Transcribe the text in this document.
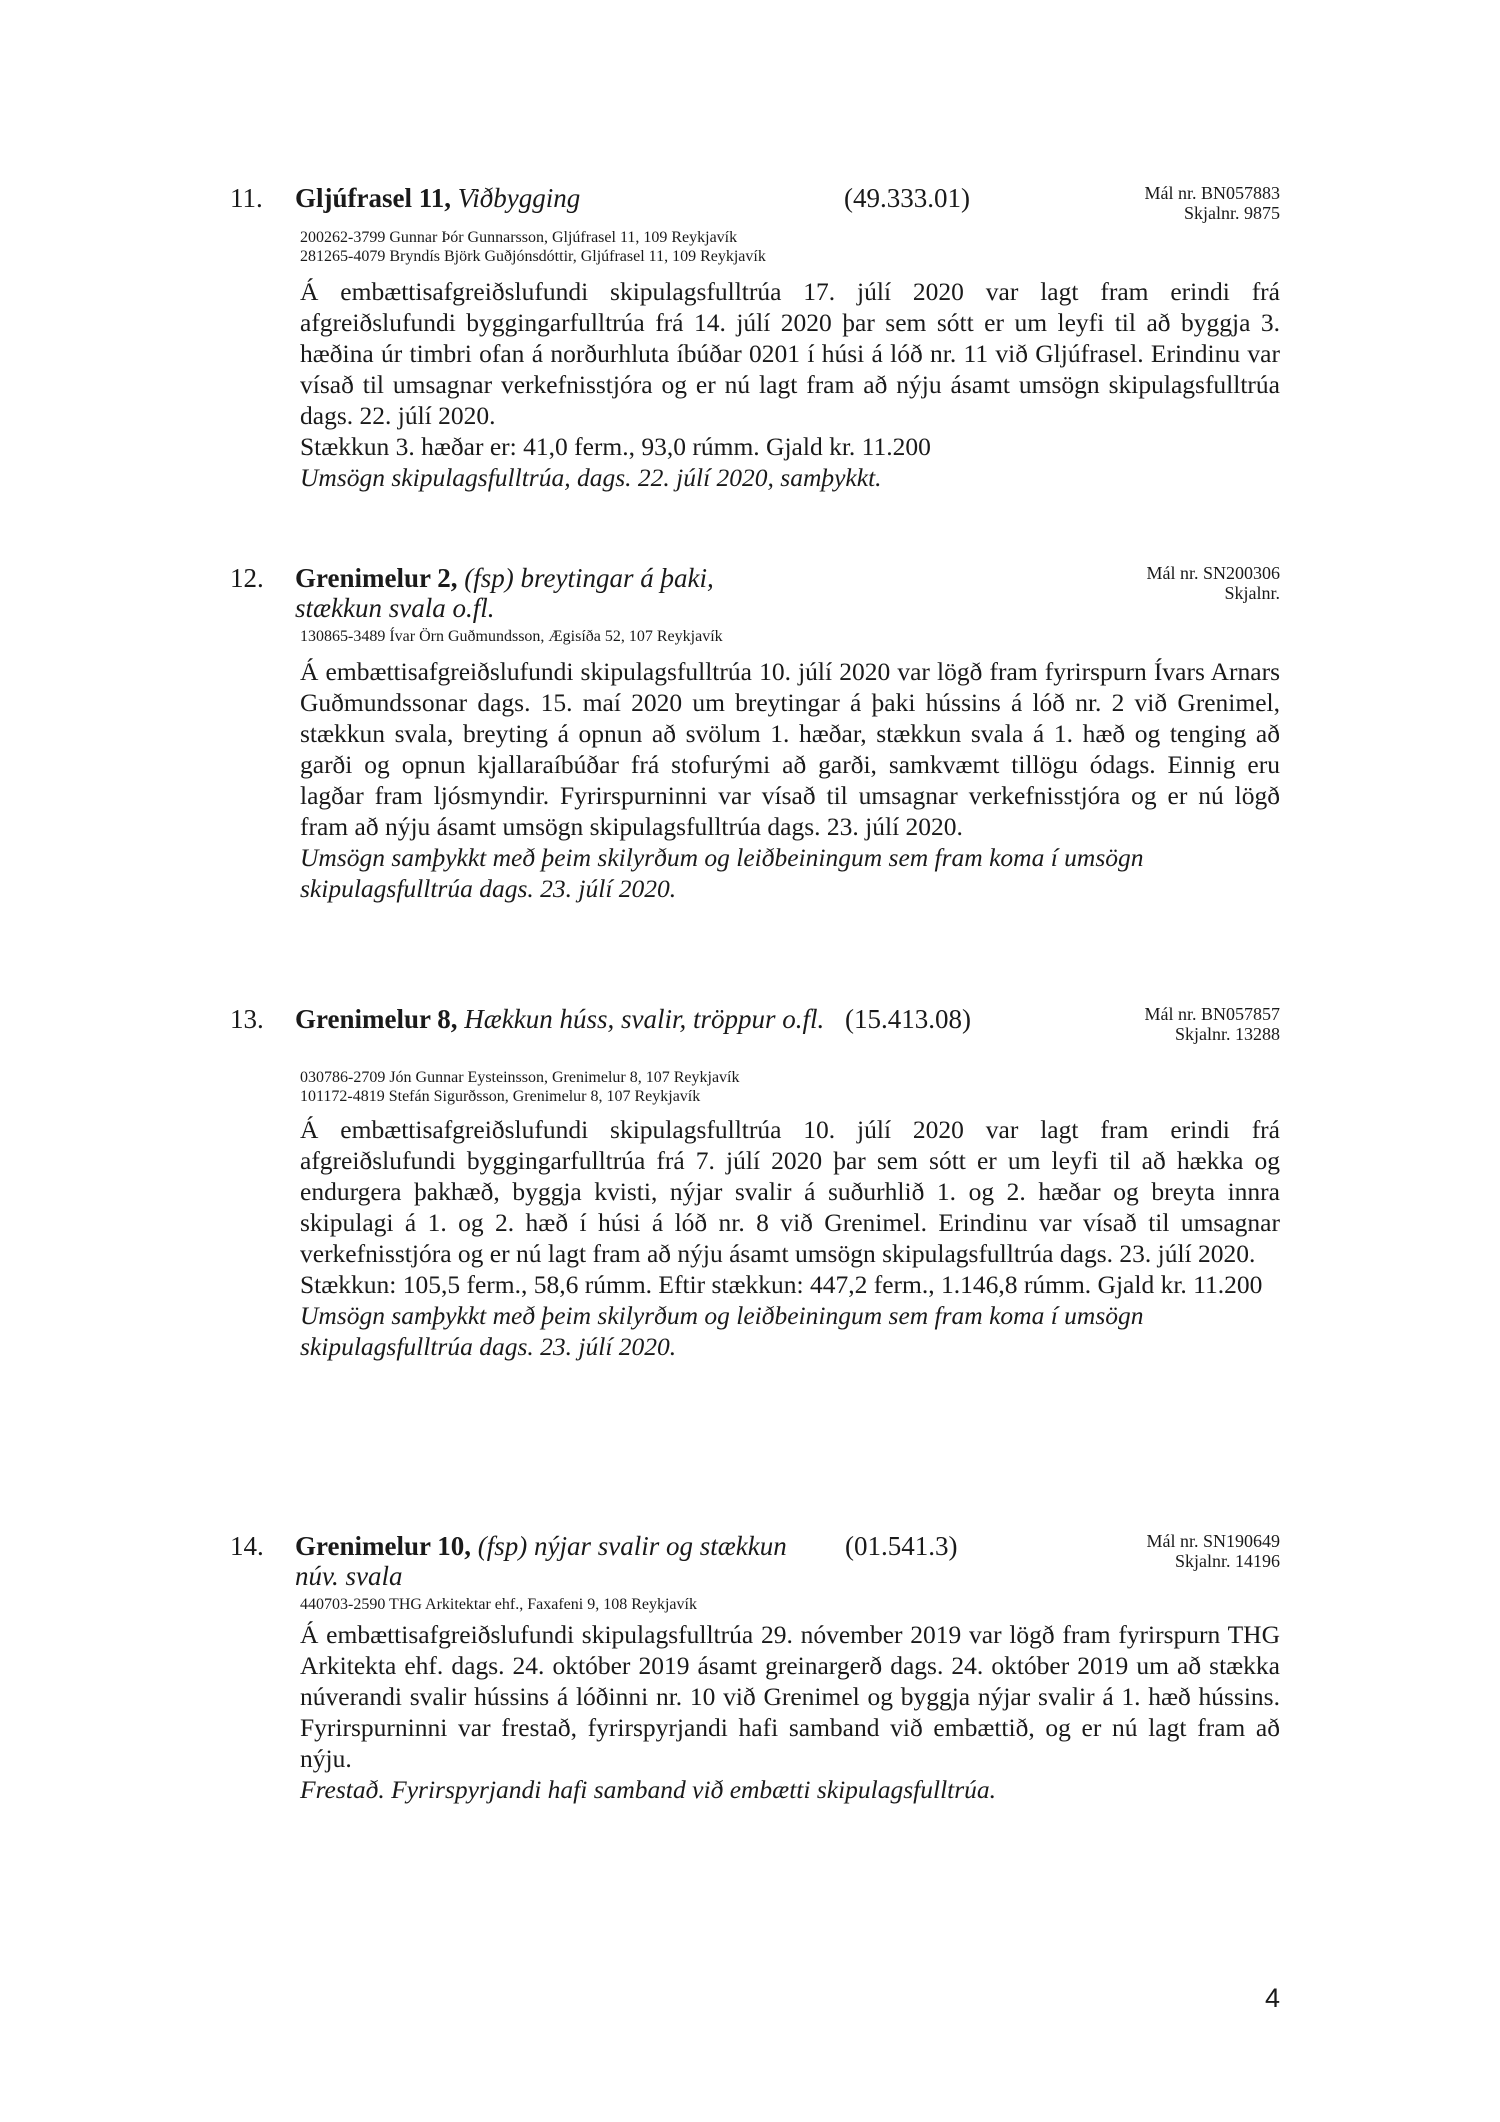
11. Gljúfrasel 11, Viðbygging	(49.333.01)	Mál nr. BN057883
Skjalnr. 9875
200262-3799 Gunnar Þór Gunnarsson, Gljúfrasel 11, 109 Reykjavík
281265-4079 Bryndís Björk Guðjónsdóttir, Gljúfrasel 11, 109 Reykjavík

Á embættisafgreiðslufundi skipulagsfulltrúa 17. júlí 2020 var lagt fram erindi frá afgreiðslufundi byggingarfulltrúa frá 14. júlí 2020 þar sem sótt er um leyfi til að byggja 3. hæðina úr timbri ofan á norðurhluta íbúðar 0201 í húsi á lóð nr. 11 við Gljúfrasel. Erindinu var vísað til umsagnar verkefnisstjóra og er nú lagt fram að nýju ásamt umsögn skipulagsfulltrúa dags. 22. júlí 2020.

Stækkun 3. hæðar er: 41,0 ferm., 93,0 rúmm. Gjald kr. 11.200

Umsögn skipulagsfulltrúa, dags. 22. júlí 2020, samþykkt.

12. Grenimelur 2, (fsp) breytingar á þaki, stækkun svala o.fl.
Mál nr. SN200306
Skjalnr.
130865-3489 Ívar Örn Guðmundsson, Ægisíða 52, 107 Reykjavík

Á embættisafgreiðslufundi skipulagsfulltrúa 10. júlí 2020 var lögð fram fyrirspurn Ívars Arnars Guðmundssonar dags. 15. maí 2020 um breytingar á þaki hússins á lóð nr. 2 við Grenimel, stækkun svala, breyting á opnun að svölum 1. hæðar, stækkun svala á 1. hæð og tenging að garði og opnun kjallaraíbúðar frá stofurými að garði, samkvæmt tillögu ódags. Einnig eru lagðar fram ljósmyndir. Fyrirspurninni var vísað til umsagnar verkefnisstjóra og er nú lögð fram að nýju ásamt umsögn skipulagsfulltrúa dags. 23. júlí 2020.

Umsögn samþykkt með þeim skilyrðum og leiðbeiningum sem fram koma í umsögn skipulagsfulltrúa dags. 23. júlí 2020.

13. Grenimelur 8, Hækkun húss, svalir, tröppur o.fl. (15.413.08)	Mál nr. BN057857
Skjalnr. 13288
030786-2709 Jón Gunnar Eysteinsson, Grenimelur 8, 107 Reykjavík
101172-4819 Stefán Sigurðsson, Grenimelur 8, 107 Reykjavík

Á embættisafgreiðslufundi skipulagsfulltrúa 10. júlí 2020 var lagt fram erindi frá afgreiðslufundi byggingarfulltrúa frá 7. júlí 2020 þar sem sótt er um leyfi til að hækka og endurgera þakhæð, byggja kvisti, nýjar svalir á suðurhlið 1. og 2. hæðar og breyta innra skipulagi á 1. og 2. hæð í húsi á lóð nr. 8 við Grenimel. Erindinu var vísað til umsagnar verkefnisstjóra og er nú lagt fram að nýju ásamt umsögn skipulagsfulltrúa dags. 23. júlí 2020.

Stækkun: 105,5 ferm., 58,6 rúmm. Eftir stækkun: 447,2 ferm., 1.146,8 rúmm. Gjald kr. 11.200

Umsögn samþykkt með þeim skilyrðum og leiðbeiningum sem fram koma í umsögn skipulagsfulltrúa dags. 23. júlí 2020.

14. Grenimelur 10, (fsp) nýjar svalir og stækkun núv. svala
(01.541.3)	Mál nr. SN190649
Skjalnr. 14196
440703-2590 THG Arkitektar ehf., Faxafeni 9, 108 Reykjavík

Á embættisafgreiðslufundi skipulagsfulltrúa 29. nóvember 2019 var lögð fram fyrirspurn THG Arkitekta ehf. dags. 24. október 2019 ásamt greinargerð dags. 24. október 2019 um að stækka núverandi svalir hússins á lóðinni nr. 10 við Grenimel og byggja nýjar svalir á 1. hæð hússins. Fyrirspurninni var frestað, fyrirspyrjandi hafi samband við embættið, og er nú lagt fram að nýju.

Frestað. Fyrirspyrjandi hafi samband við embætti skipulagsfulltrúa.

4
